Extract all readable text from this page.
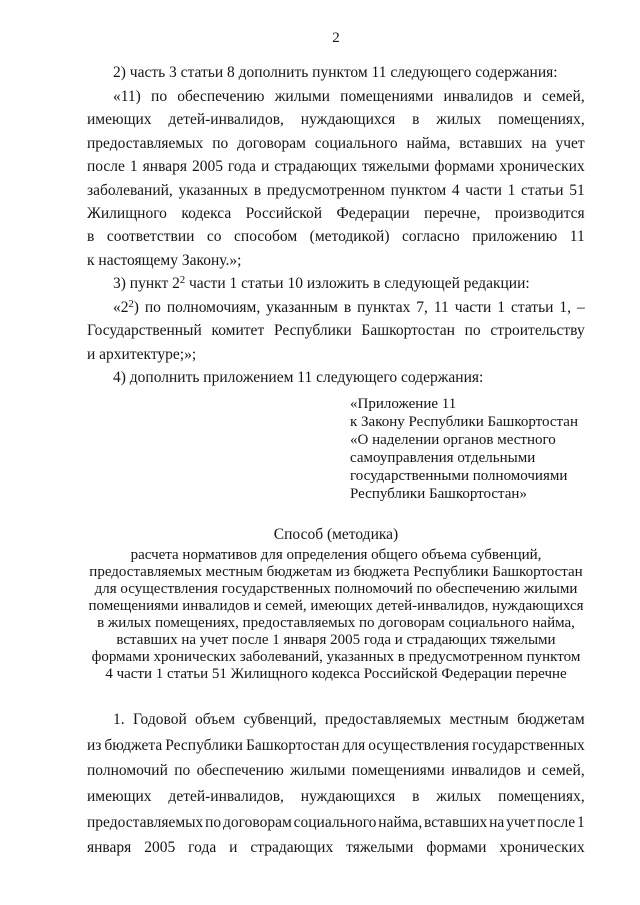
2
2) часть 3 статьи 8 дополнить пунктом 11 следующего содержания:
«11) по обеспечению жилыми помещениями инвалидов и семей,
имеющих детей-инвалидов, нуждающихся в жилых помещениях,
предоставляемых по договорам социального найма, вставших на учет
после 1 января 2005 года и страдающих тяжелыми формами хронических
заболеваний, указанных в предусмотренном пунктом 4 части 1 статьи 51
Жилищного кодекса Российской Федерации перечне, производится
в соответствии со способом (методикой) согласно приложению 11
к настоящему Закону.»;
3) пункт $2^2$ части 1 статьи 10 изложить в следующей редакции:
«$2^2$) по полномочиям, указанным в пунктах 7, 11 части 1 статьи 1, –
Государственный комитет Республики Башкортостан по строительству
и архитектуре;»;
4) дополнить приложением 11 следующего содержания:
«Приложение 11
к Закону Республики Башкортостан
«О наделении органов местного
самоуправления отдельными
государственными полномочиями
Республики Башкортостан»
Способ (методика)
расчета нормативов для определения общего объема субвенций,
предоставляемых местным бюджетам из бюджета Республики Башкортостан
для осуществления государственных полномочий по обеспечению жилыми
помещениями инвалидов и семей, имеющих детей-инвалидов, нуждающихся
в жилых помещениях, предоставляемых по договорам социального найма,
вставших на учет после 1 января 2005 года и страдающих тяжелыми
формами хронических заболеваний, указанных в предусмотренном пунктом
4 части 1 статьи 51 Жилищного кодекса Российской Федерации перечне
1. Годовой объем субвенций, предоставляемых местным бюджетам
из бюджета Республики Башкортостан для осуществления государственных
полномочий по обеспечению жилыми помещениями инвалидов и семей,
имеющих детей-инвалидов, нуждающихся в жилых помещениях,
предоставляемых по договорам социального найма, вставших на учет после 1
января 2005 года и страдающих тяжелыми формами хронических
